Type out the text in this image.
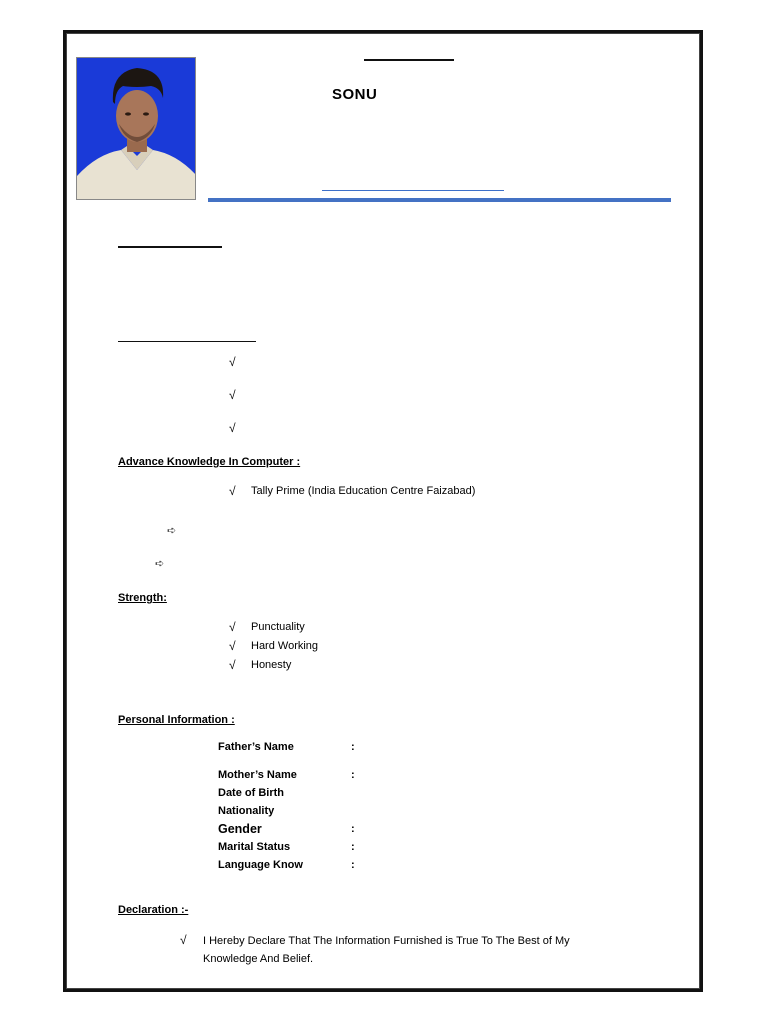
SONU
√
√
√
Advance Knowledge In Computer :
√ Tally Prime (India Education Centre Faizabad)
➪
➪
Strength:
√ Punctuality
√ Hard Working
√ Honesty
Personal Information :
Father’s Name	:
Mother’s Name	:
Date of Birth
Nationality
Gender	:
Marital Status	:
Language Know	:
Declaration :-
√ I Hereby Declare That The Information Furnished is True To The Best of My Knowledge And Belief.
